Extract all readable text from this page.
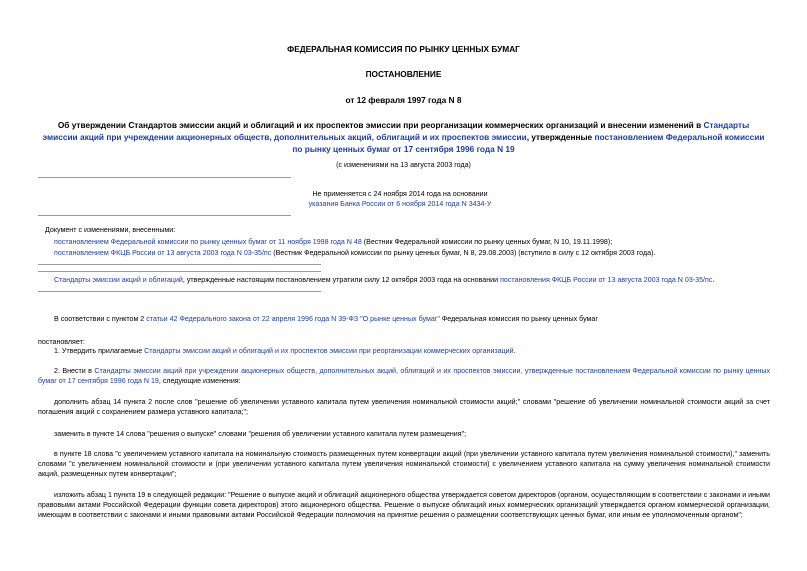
ФЕДЕРАЛЬНАЯ КОМИССИЯ ПО РЫНКУ ЦЕННЫХ БУМАГ
ПОСТАНОВЛЕНИЕ
от 12 февраля 1997 года N 8
Об утверждении Стандартов эмиссии акций и облигаций и их проспектов эмиссии при реорганизации коммерческих организаций и внесении изменений в Стандарты эмиссии акций при учреждении акционерных обществ, дополнительных акций, облигаций и их проспектов эмиссии, утвержденные постановлением Федеральной комиссии по рынку ценных бумаг от 17 сентября 1996 года N 19
(с изменениями на 13 августа 2003 года)
Не применяется с 24 ноября 2014 года на основании
указания Банка России от 6 ноября 2014 года N 3434-У
Документ с изменениями, внесенными:
постановлением Федеральной комиссии по рынку ценных бумаг от 11 ноября 1998 года N 48 (Вестник Федеральной комиссии по рынку ценных бумаг, N 10, 19.11.1998);
постановлением ФКЦБ России от 13 августа 2003 года N 03-35/пс (Вестник Федеральной комиссии по рынку ценных бумаг, N 8, 29.08.2003) (вступило в силу с 12 октября 2003 года).
Стандарты эмиссии акций и облигаций, утвержденные настоящим постановлением утратили силу 12 октября 2003 года на основании постановления ФКЦБ России от 13 августа 2003 года N 03-35/пс.
В соответствии с пунктом 2 статьи 42 Федерального закона от 22 апреля 1996 года N 39-ФЗ "О рынке ценных бумаг" Федеральная комиссия по рынку ценных бумаг
постановляет:
1. Утвердить прилагаемые Стандарты эмиссии акций и облигаций и их проспектов эмиссии при реорганизации коммерческих организаций.
2. Внести в Стандарты эмиссии акций при учреждении акционерных обществ, дополнительных акций, облигаций и их проспектов эмиссии, утвержденные постановлением Федеральной комиссии по рынку ценных бумаг от 17 сентября 1996 года N 19, следующие изменения:
дополнить абзац 14 пункта 2 после слов "решение об увеличении уставного капитала путем увеличения номинальной стоимости акций;" словами "решение об увеличении номинальной стоимости акций за счет погашения акций с сохранением размера уставного капитала;";
заменить в пункте 14 слова "решения о выпуске" словами "решения об увеличении уставного капитала путем размещения";
в пункте 18 слова "с увеличением уставного капитала на номинальную стоимость размещенных путем конвертации акций (при увеличении уставного капитала путем увеличения номинальной стоимости)," заменить словами "с увеличением номинальной стоимости и (при увеличении уставного капитала путем увеличения номинальной стоимости) с увеличением уставного капитала на сумму увеличения номинальной стоимости акций, размещенных путем конвертации";
изложить абзац 1 пункта 19 в следующей редакции: "Решение о выпуске акций и облигаций акционерного общества утверждается советом директоров (органом, осуществляющим в соответствии с законами и иными правовыми актами Российской Федерации функции совета директоров) этого акционерного общества. Решение о выпуске облигаций иных коммерческих организаций утверждается органом коммерческой организации, имеющим в соответствии с законами и иными правовыми актами Российской Федерации полномочия на принятие решения о размещении соответствующих ценных бумаг, или иным ее уполномоченным органом";
